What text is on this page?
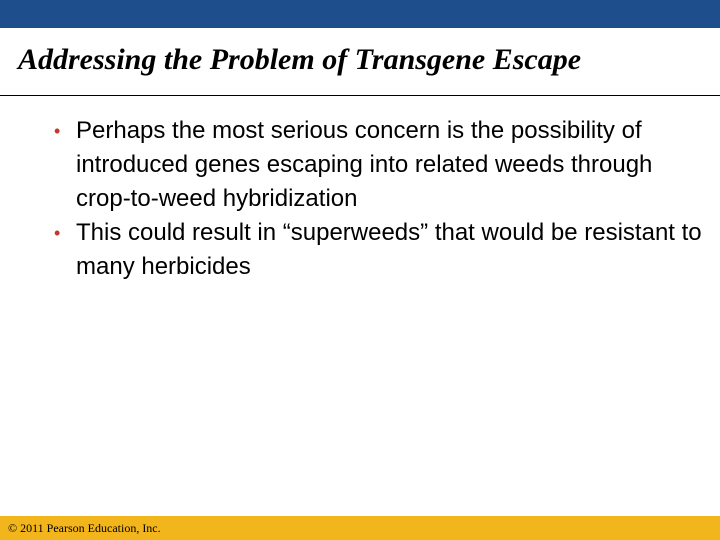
Addressing the Problem of Transgene Escape
• Perhaps the most serious concern is the possibility of introduced genes escaping into related weeds through crop-to-weed hybridization
• This could result in “superweeds” that would be resistant to many herbicides

© 2011 Pearson Education, Inc.
